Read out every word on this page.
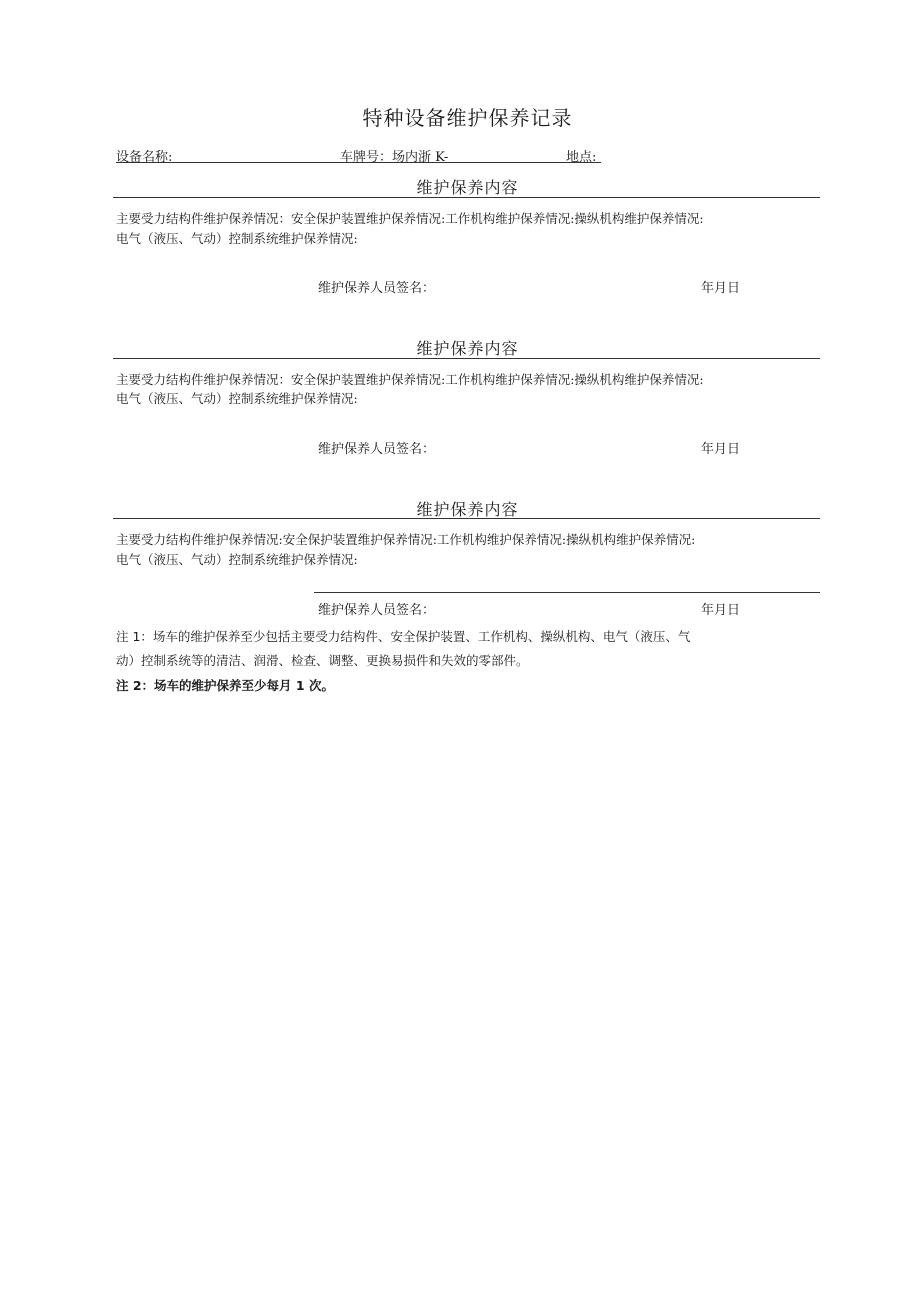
特种设备维护保养记录
设备名称:	车牌号：场内浙 K-	地点:
维护保养内容
主要受力结构件维护保养情况：安全保护装置维护保养情况:工作机构维护保养情况:操纵机构维护保养情况:
电气（液压、气动）控制系统维护保养情况:
维护保养人员签名：	年月日
维护保养内容
主要受力结构件维护保养情况：安全保护装置维护保养情况:工作机构维护保养情况:操纵机构维护保养情况:
电气（液压、气动）控制系统维护保养情况:
维护保养人员签名：	年月日
维护保养内容
主要受力结构件维护保养情况:安全保护装置维护保养情况:工作机构维护保养情况:操纵机构维护保养情况:
电气（液压、气动）控制系统维护保养情况:
维护保养人员签名：	年月日
注 1：场车的维护保养至少包括主要受力结构件、安全保护装置、工作机构、操纵机构、电气（液压、气
动）控制系统等的清洁、润滑、检查、调整、更换易损件和失效的零部件。
注 2：场车的维护保养至少每月 1 次。
